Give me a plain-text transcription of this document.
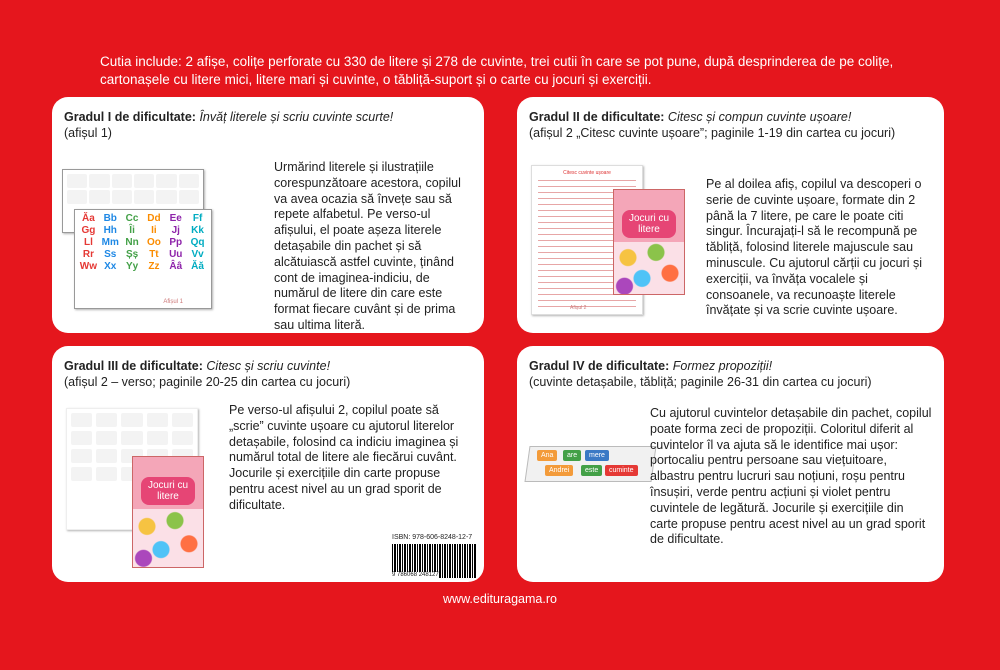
Cutia include: 2 afișe, colițe perforate cu 330 de litere și 278 de cuvinte, trei cutii în care se pot pune, după desprinderea de pe colițe, cartonașele cu litere mici, litere mari și cuvinte, o tăbliță-suport și o carte cu jocuri și exerciții.
Gradul I de dificultate: Învăț literele și scriu cuvinte scurte!
(afișul 1)
Ăa Bb Cc Dd Ee	Ff
Gg Hh	Îi	Ii	Jj	Kk
Ll Mm Nn Oo Pp Qq
Rr	Ss Șș	Tt	Uu Vv
Ww Xx Yy	Zz Ââ Ăă
Afișul 1
Urmărind literele și ilustrațiile corespunzătoare acestora, copilul va avea ocazia să învețe sau să repete alfabetul. Pe verso-ul afișului, el poate așeza literele detașabile din pachet și să alcătuiască astfel cuvinte, ținând cont de imaginea-indiciu, de numărul de litere din care este format fiecare cuvânt și de prima sau ultima literă.
Gradul II de dificultate: Citesc și compun cuvinte ușoare!
(afișul 2 „Citesc cuvinte ușoare”; paginile 1-19 din cartea cu jocuri)
Citesc cuvinte ușoare
Afișul 2
Jocuri cu litere
Pe al doilea afiș, copilul va descoperi o serie de cuvinte ușoare, formate din 2 până la 7 litere, pe care le poate citi singur. Încurajați-l să le recompună pe tăbliță, folosind literele majuscule sau minuscule. Cu ajutorul cărții cu jocuri și exerciții, va învăța vocalele și consoanele, va recunoaște literele învățate și va scrie cuvinte ușoare.
Gradul III de dificultate: Citesc și scriu cuvinte!
(afișul 2 – verso; paginile 20-25 din cartea cu jocuri)
Jocuri cu litere
Pe verso-ul afișului 2, copilul poate să „scrie” cuvinte ușoare cu ajutorul literelor detașabile, folosind ca indiciu imaginea și numărul total de litere ale fiecărui cuvânt. Jocurile și exercițiile din carte propuse pentru acest nivel au un grad sporit de dificultate.
ISBN: 978-606-8248-12-7
9 786068 248127
Gradul IV de dificultate: Formez propoziții!
(cuvinte detașabile, tăbliță; paginile 26-31 din cartea cu jocuri)
Ana	are	mere
Andrei	este	cuminte
Cu ajutorul cuvintelor detașabile din pachet, copilul poate forma zeci de propoziții. Coloritul diferit al cuvintelor îl va ajuta să le identifice mai ușor: portocaliu pentru persoane sau viețuitoare, albastru pentru lucruri sau noțiuni, roșu pentru însușiri, verde pentru acțiuni și violet pentru cuvintele de legătură. Jocurile și exercițiile din carte propuse pentru acest nivel au un grad sporit de dificultate.
www.edituragama.ro
